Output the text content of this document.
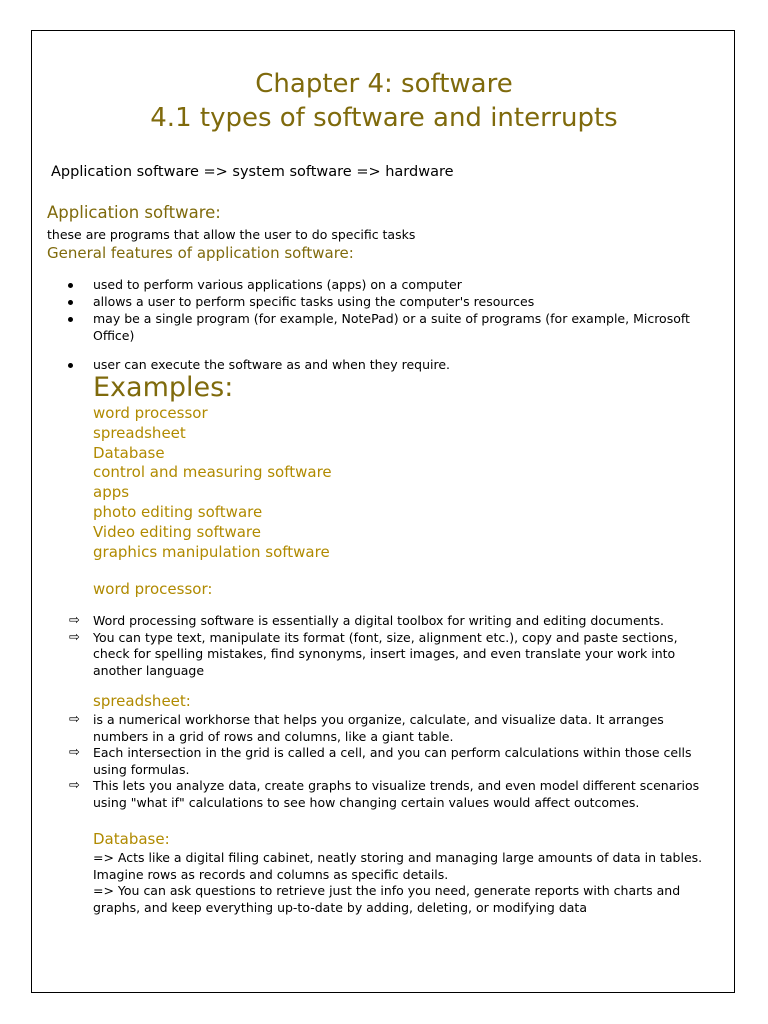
Chapter 4: software
4.1 types of software and interrupts
Application software => system software => hardware
Application software:
these are programs that allow the user to do specific tasks
General features of application software:
used to perform various applications (apps) on a computer
allows a user to perform specific tasks using the computer's resources
may be a single program (for example, NotePad) or a suite of programs (for example, Microsoft Office)
user can execute the software as and when they require.
Examples:
word processor
spreadsheet
Database
control and measuring software
apps
photo editing software
Video editing software
graphics manipulation software
word processor:
⇨ Word processing software is essentially a digital toolbox for writing and editing documents.
⇨ You can type text, manipulate its format (font, size, alignment etc.), copy and paste sections, check for spelling mistakes, find synonyms, insert images, and even translate your work into another language
spreadsheet:
⇨ is a numerical workhorse that helps you organize, calculate, and visualize data. It arranges numbers in a grid of rows and columns, like a giant table.
⇨ Each intersection in the grid is called a cell, and you can perform calculations within those cells using formulas.
⇨ This lets you analyze data, create graphs to visualize trends, and even model different scenarios using "what if" calculations to see how changing certain values would affect outcomes.
Database:
=> Acts like a digital filing cabinet, neatly storing and managing large amounts of data in tables. Imagine rows as records and columns as specific details.
=> You can ask questions to retrieve just the info you need, generate reports with charts and graphs, and keep everything up-to-date by adding, deleting, or modifying data
